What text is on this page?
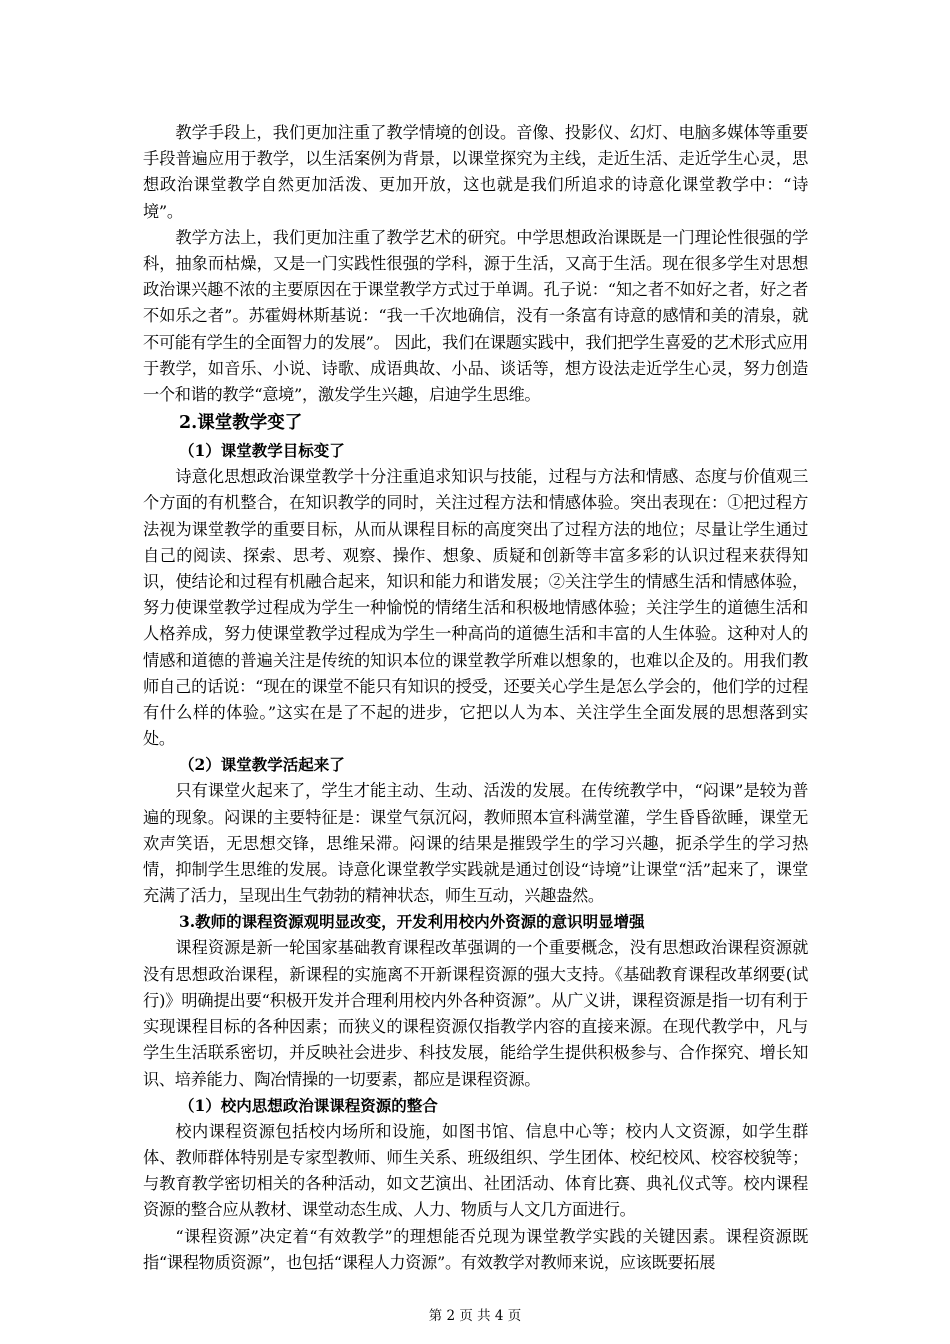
教学手段上，我们更加注重了教学情境的创设。音像、投影仪、幻灯、电脑多媒体等重要手段普遍应用于教学，以生活案例为背景，以课堂探究为主线，走近生活、走近学生心灵，思想政治课堂教学自然更加活泼、更加开放，这也就是我们所追求的诗意化课堂教学中：“诗境”。

教学方法上，我们更加注重了教学艺术的研究。中学思想政治课既是一门理论性很强的学科，抽象而枯燥，又是一门实践性很强的学科，源于生活，又高于生活。现在很多学生对思想政治课兴趣不浓的主要原因在于课堂教学方式过于单调。孔子说：“知之者不如好之者，好之者不如乐之者”。苏霍姆林斯基说：“我一千次地确信，没有一条富有诗意的感情和美的清泉，就不可能有学生的全面智力的发展”。 因此，我们在课题实践中，我们把学生喜爱的艺术形式应用于教学，如音乐、小说、诗歌、成语典故、小品、谈话等，想方设法走近学生心灵，努力创造一个和谐的教学“意境”，激发学生兴趣，启迪学生思维。

2.课堂教学变了

（1）课堂教学目标变了

诗意化思想政治课堂教学十分注重追求知识与技能，过程与方法和情感、态度与价值观三个方面的有机整合，在知识教学的同时，关注过程方法和情感体验。突出表现在：①把过程方法视为课堂教学的重要目标，从而从课程目标的高度突出了过程方法的地位；尽量让学生通过自己的阅读、探索、思考、观察、操作、想象、质疑和创新等丰富多彩的认识过程来获得知识，使结论和过程有机融合起来，知识和能力和谐发展；②关注学生的情感生活和情感体验，努力使课堂教学过程成为学生一种愉悦的情绪生活和积极地情感体验；关注学生的道德生活和人格养成，努力使课堂教学过程成为学生一种高尚的道德生活和丰富的人生体验。这种对人的情感和道德的普遍关注是传统的知识本位的课堂教学所难以想象的，也难以企及的。用我们教师自己的话说：“现在的课堂不能只有知识的授受，还要关心学生是怎么学会的，他们学的过程有什么样的体验。”这实在是了不起的进步，它把以人为本、关注学生全面发展的思想落到实处。

（2）课堂教学活起来了

只有课堂火起来了，学生才能主动、生动、活泼的发展。在传统教学中，“闷课”是较为普遍的现象。闷课的主要特征是：课堂气氛沉闷，教师照本宣科满堂灌，学生昏昏欲睡，课堂无欢声笑语，无思想交锋，思维呆滞。闷课的结果是摧毁学生的学习兴趣，扼杀学生的学习热情，抑制学生思维的发展。诗意化课堂教学实践就是通过创设“诗境”让课堂“活”起来了，课堂充满了活力，呈现出生气勃勃的精神状态，师生互动，兴趣盎然。

3.教师的课程资源观明显改变，开发利用校内外资源的意识明显增强

课程资源是新一轮国家基础教育课程改革强调的一个重要概念，没有思想政治课程资源就没有思想政治课程，新课程的实施离不开新课程资源的强大支持。《基础教育课程改革纲要(试行)》明确提出要“积极开发并合理利用校内外各种资源”。从广义讲，课程资源是指一切有利于实现课程目标的各种因素；而狭义的课程资源仅指教学内容的直接来源。在现代教学中，凡与学生生活联系密切，并反映社会进步、科技发展，能给学生提供积极参与、合作探究、增长知识、培养能力、陶冶情操的一切要素，都应是课程资源。

（1）校内思想政治课课程资源的整合

校内课程资源包括校内场所和设施，如图书馆、信息中心等；校内人文资源，如学生群体、教师群体特别是专家型教师、师生关系、班级组织、学生团体、校纪校风、校容校貌等；与教育教学密切相关的各种活动，如文艺演出、社团活动、体育比赛、典礼仪式等。校内课程资源的整合应从教材、课堂动态生成、人力、物质与人文几方面进行。

“课程资源”决定着“有效教学”的理想能否兑现为课堂教学实践的关键因素。课程资源既指“课程物质资源”，也包括“课程人力资源”。有效教学对教师来说，应该既要拓展

第 2 页 共 4 页
